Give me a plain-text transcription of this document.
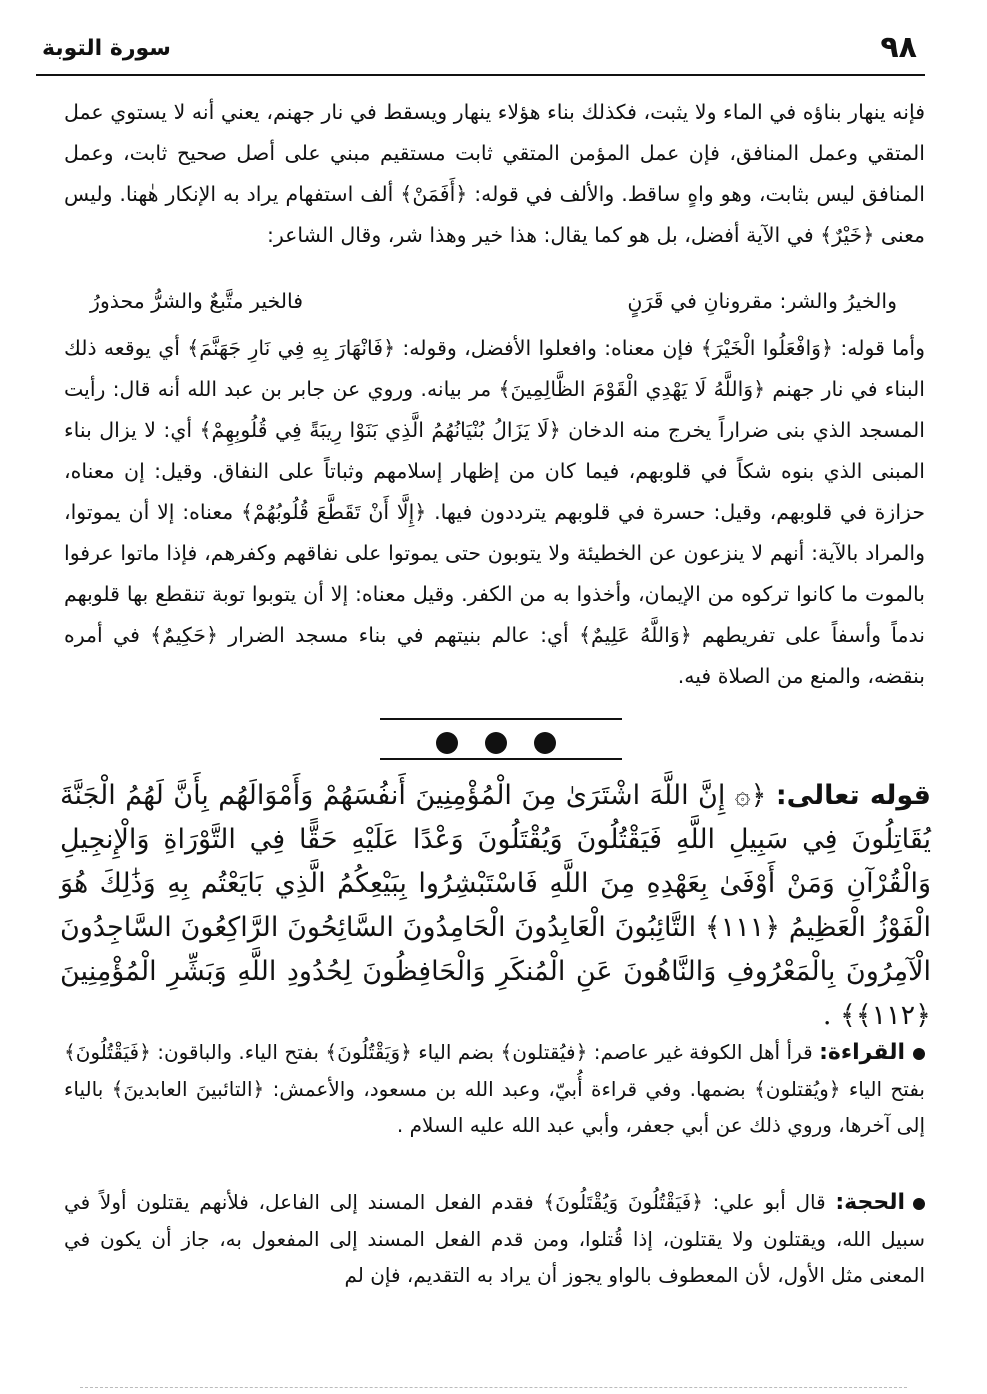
٩٨
سورة التوبة
فإنه ينهار بناؤه في الماء ولا يثبت، فكذلك بناء هؤلاء ينهار ويسقط في نار جهنم، يعني أنه لا يستوي عمل المتقي وعمل المنافق، فإن عمل المؤمن المتقي ثابت مستقيم مبني على أصل صحيح ثابت، وعمل المنافق ليس بثابت، وهو واهٍ ساقط. والألف في قوله: ﴿أَفَمَنْ﴾ ألف استفهام يراد به الإنكار هٰهنا. وليس معنى ﴿خَيْرٌ﴾ في الآية أفضل، بل هو كما يقال: هذا خير وهذا شر، وقال الشاعر:
والخيرُ والشر: مقرونانِ في قَرَنٍ
فالخير متَّبعٌ والشرُّ محذورُ
وأما قوله: ﴿وَافْعَلُوا الْخَيْرَ﴾ فإن معناه: وافعلوا الأفضل، وقوله: ﴿فَانْهَارَ بِهِ فِي نَارِ جَهَنَّمَ﴾ أي يوقعه ذلك البناء في نار جهنم ﴿وَاللَّهُ لَا يَهْدِي الْقَوْمَ الظَّالِمِينَ﴾ مر بيانه. وروي عن جابر بن عبد الله أنه قال: رأيت المسجد الذي بنى ضراراً يخرج منه الدخان ﴿لَا يَزَالُ بُنْيَانُهُمُ الَّذِي بَنَوْا رِيبَةً فِي قُلُوبِهِمْ﴾ أي: لا يزال بناء المبنى الذي بنوه شكاً في قلوبهم، فيما كان من إظهار إسلامهم وثباتاً على النفاق. وقيل: إن معناه، حزازة في قلوبهم، وقيل: حسرة في قلوبهم يترددون فيها. ﴿إِلَّا أَنْ تَقَطَّعَ قُلُوبُهُمْ﴾ معناه: إلا أن يموتوا، والمراد بالآية: أنهم لا ينزعون عن الخطيئة ولا يتوبون حتى يموتوا على نفاقهم وكفرهم، فإذا ماتوا عرفوا بالموت ما كانوا تركوه من الإيمان، وأخذوا به من الكفر. وقيل معناه: إلا أن يتوبوا توبة تنقطع بها قلوبهم ندماً وأسفاً على تفريطهم ﴿وَاللَّهُ عَلِيمٌ﴾ أي: عالم بنيتهم في بناء مسجد الضرار ﴿حَكِيمٌ﴾ في أمره بنقضه، والمنع من الصلاة فيه.
قوله تعالى: ﴿۞ إِنَّ اللَّهَ اشْتَرَىٰ مِنَ الْمُؤْمِنِينَ أَنفُسَهُمْ وَأَمْوَالَهُم بِأَنَّ لَهُمُ الْجَنَّةَ يُقَاتِلُونَ فِي سَبِيلِ اللَّهِ فَيَقْتُلُونَ وَيُقْتَلُونَ وَعْدًا عَلَيْهِ حَقًّا فِي التَّوْرَاةِ وَالْإِنجِيلِ وَالْقُرْآنِ وَمَنْ أَوْفَىٰ بِعَهْدِهِ مِنَ اللَّهِ فَاسْتَبْشِرُوا بِبَيْعِكُمُ الَّذِي بَايَعْتُم بِهِ وَذَٰلِكَ هُوَ الْفَوْزُ الْعَظِيمُ ﴿١١١﴾ التَّائِبُونَ الْعَابِدُونَ الْحَامِدُونَ السَّائِحُونَ الرَّاكِعُونَ السَّاجِدُونَ الْآمِرُونَ بِالْمَعْرُوفِ وَالنَّاهُونَ عَنِ الْمُنكَرِ وَالْحَافِظُونَ لِحُدُودِ اللَّهِ وَبَشِّرِ الْمُؤْمِنِينَ ﴿١١٢﴾﴾ .
القراءة: قرأ أهل الكوفة غير عاصم: ﴿فيُقتلون﴾ بضم الياء ﴿وَيَقْتُلُونَ﴾ بفتح الياء. والباقون: ﴿فَيَقْتُلُونَ﴾ بفتح الياء ﴿ويُقتلون﴾ بضمها. وفي قراءة أُبيّ، وعبد الله بن مسعود، والأعمش: ﴿التائبينَ العابدينَ﴾ بالياء إلى آخرها، وروي ذلك عن أبي جعفر، وأبي عبد الله عليه السلام .
الحجة: قال أبو علي: ﴿فَيَقْتُلُونَ وَيُقْتَلُونَ﴾ فقدم الفعل المسند إلى الفاعل، فلأنهم يقتلون أولاً في سبيل الله، ويقتلون ولا يقتلون، إذا قُتلوا، ومن قدم الفعل المسند إلى المفعول به، جاز أن يكون في المعنى مثل الأول، لأن المعطوف بالواو يجوز أن يراد به التقديم، فإن لم
